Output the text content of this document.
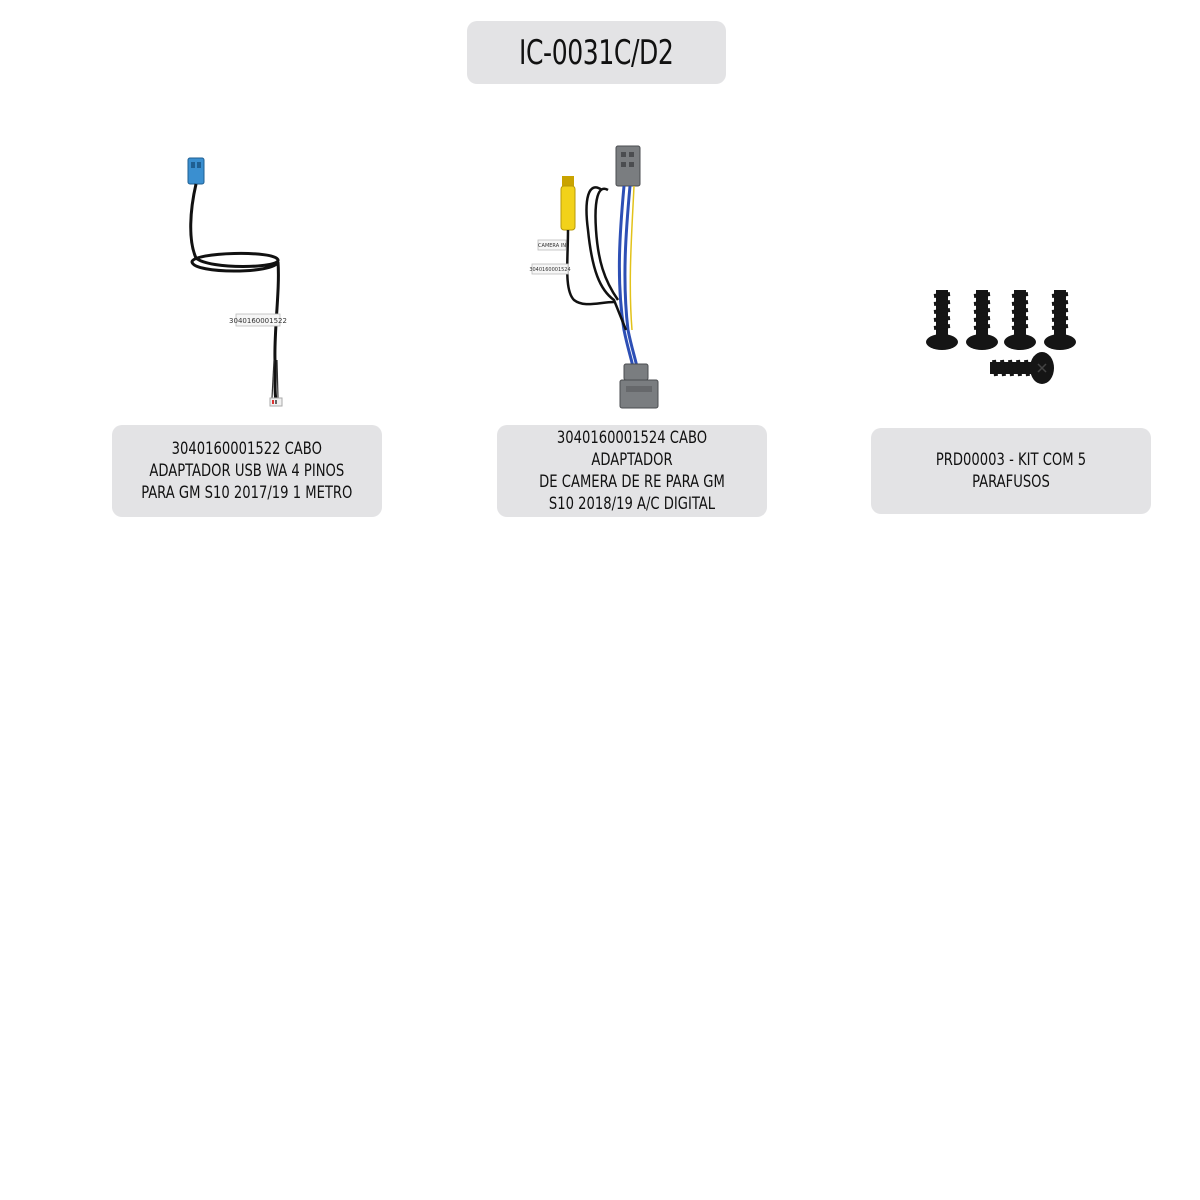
IC-0031C/D2
3040160001522
3040160001522 CABO
ADAPTADOR USB WA 4 PINOS
PARA GM S10 2017/19 1 METRO
CAMERA IN
3040160001524
3040160001524 CABO ADAPTADOR
DE CAMERA DE RE PARA GM
S10 2018/19 A/C DIGITAL
PRD00003 - KIT COM 5 PARAFUSOS
